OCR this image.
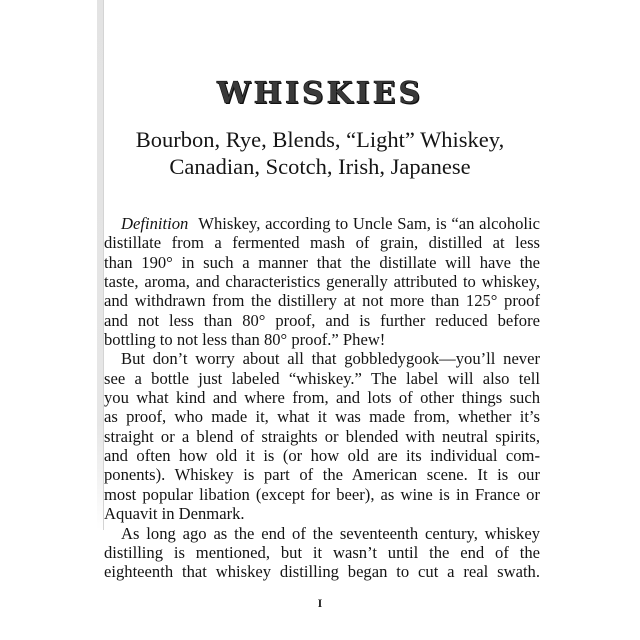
WHISKIES
Bourbon, Rye, Blends, “Light” Whiskey,
Canadian, Scotch, Irish, Japanese
Definition Whiskey, according to Uncle Sam, is “an alcoholic
distillate from a fermented mash of grain, distilled at less
than 190° in such a manner that the distillate will have the
taste, aroma, and characteristics generally attributed to whiskey,
and withdrawn from the distillery at not more than 125° proof
and not less than 80° proof, and is further reduced before
bottling to not less than 80° proof.” Phew!
But don’t worry about all that gobbledygook—you’ll never
see a bottle just labeled “whiskey.” The label will also tell
you what kind and where from, and lots of other things such
as proof, who made it, what it was made from, whether it’s
straight or a blend of straights or blended with neutral spirits,
and often how old it is (or how old are its individual com-
ponents). Whiskey is part of the American scene. It is our
most popular libation (except for beer), as wine is in France or
Aquavit in Denmark.
As long ago as the end of the seventeenth century, whiskey
distilling is mentioned, but it wasn’t until the end of the
eighteenth that whiskey distilling began to cut a real swath.
I
